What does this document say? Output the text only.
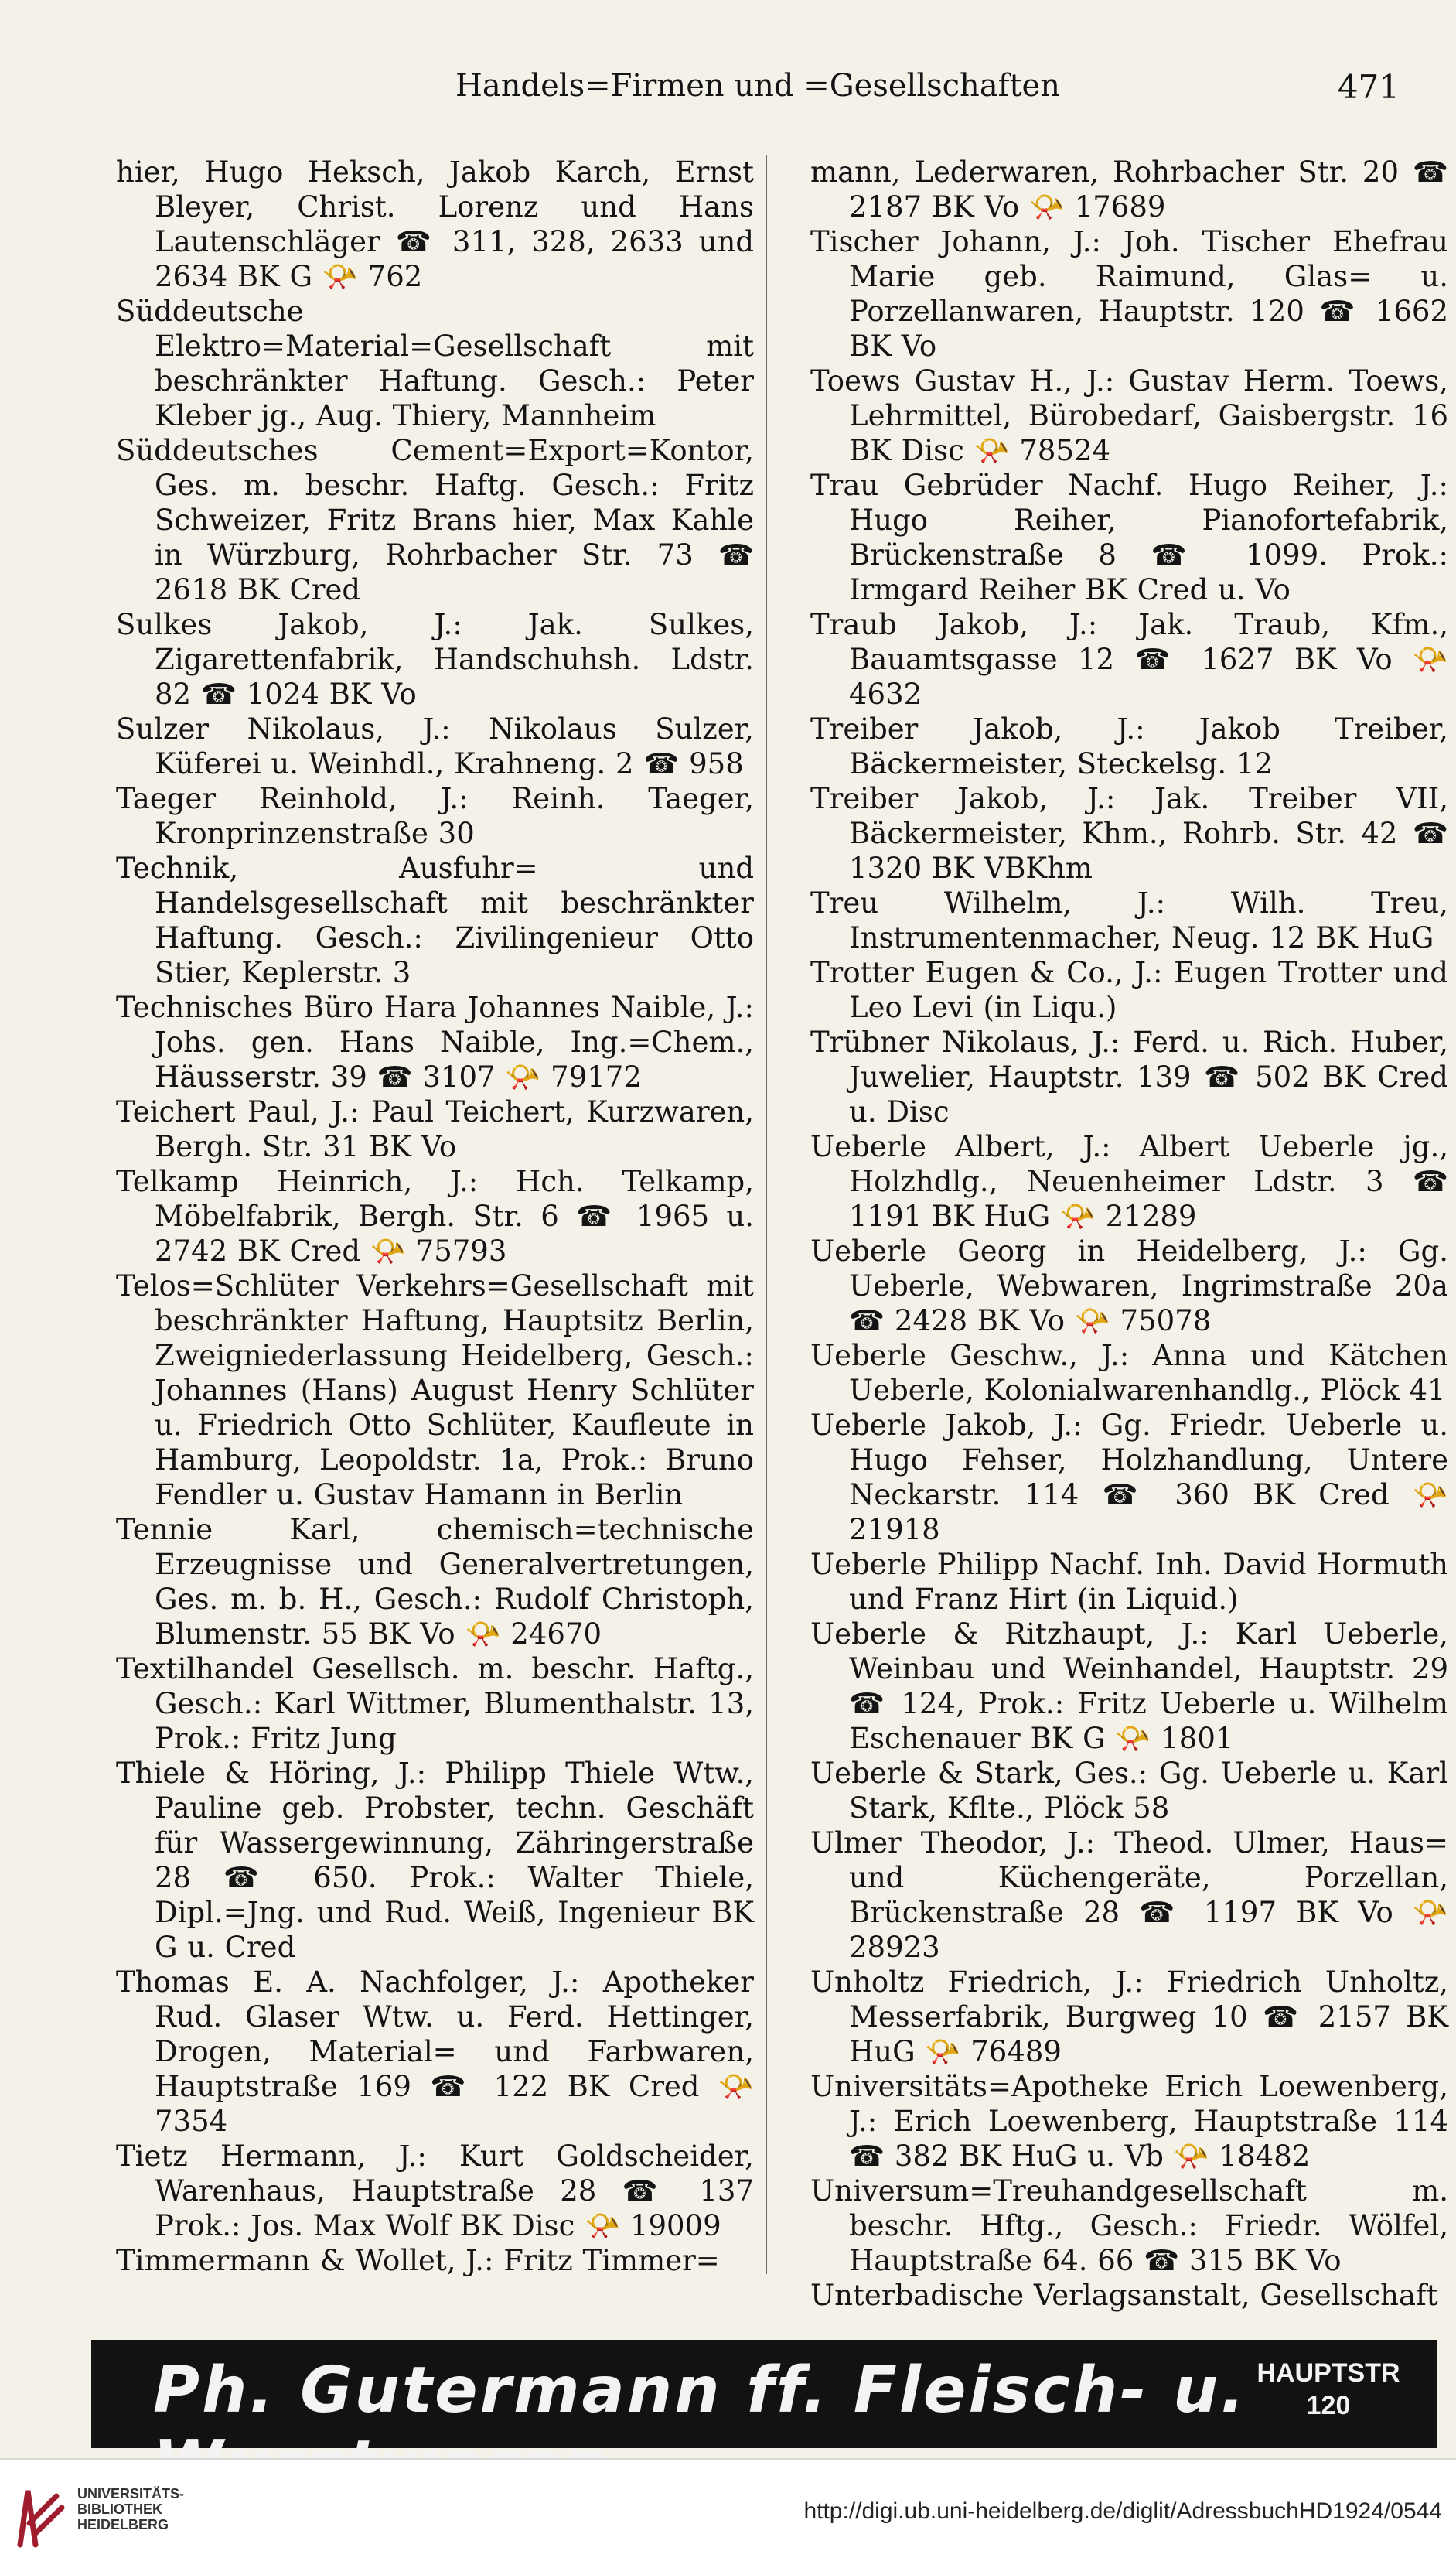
Handels=Firmen und =Gesellschaften	471

hier, Hugo Heksch, Jakob Karch, Ernst Bleyer, Christ. Lorenz und Hans Lautenschläger ☎ 311, 328, 2633 und 2634 BK G 📯 762

Süddeutsche Elektro=Material=Gesellschaft mit beschränkter Haftung. Gesch.: Peter Kleber jg., Aug. Thiery, Mannheim

Süddeutsches Cement=Export=Kontor, Ges. m. beschr. Haftg. Gesch.: Fritz Schweizer, Fritz Brans hier, Max Kahle in Würzburg, Rohrbacher Str. 73 ☎ 2618 BK Cred

Sulkes Jakob, J.: Jak. Sulkes, Zigarettenfabrik, Handschuhsh. Ldstr. 82 ☎ 1024 BK Vo

Sulzer Nikolaus, J.: Nikolaus Sulzer, Küferei u. Weinhdl., Krahneng. 2 ☎ 958

Taeger Reinhold, J.: Reinh. Taeger, Kronprinzenstraße 30

Technik, Ausfuhr= und Handelsgesellschaft mit beschränkter Haftung. Gesch.: Zivilingenieur Otto Stier, Keplerstr. 3

Technisches Büro Hara Johannes Naible, J.: Johs. gen. Hans Naible, Ing.=Chem., Häusserstr. 39 ☎ 3107 📯 79172

Teichert Paul, J.: Paul Teichert, Kurzwaren, Bergh. Str. 31 BK Vo

Telkamp Heinrich, J.: Hch. Telkamp, Möbelfabrik, Bergh. Str. 6 ☎ 1965 u. 2742 BK Cred 📯 75793

Telos=Schlüter Verkehrs=Gesellschaft mit beschränkter Haftung, Hauptsitz Berlin, Zweigniederlassung Heidelberg, Gesch.: Johannes (Hans) August Henry Schlüter u. Friedrich Otto Schlüter, Kaufleute in Hamburg, Leopoldstr. 1a, Prok.: Bruno Fendler u. Gustav Hamann in Berlin

Tennie Karl, chemisch=technische Erzeugnisse und Generalvertretungen, Ges. m. b. H., Gesch.: Rudolf Christoph, Blumenstr. 55 BK Vo 📯 24670

Textilhandel Gesellsch. m. beschr. Haftg., Gesch.: Karl Wittmer, Blumenthalstr. 13, Prok.: Fritz Jung

Thiele & Höring, J.: Philipp Thiele Wtw., Pauline geb. Probster, techn. Geschäft für Wassergewinnung, Zähringerstraße 28 ☎ 650. Prok.: Walter Thiele, Dipl.=Jng. und Rud. Weiß, Ingenieur BK G u. Cred

Thomas E. A. Nachfolger, J.: Apotheker Rud. Glaser Wtw. u. Ferd. Hettinger, Drogen, Material= und Farbwaren, Hauptstraße 169 ☎ 122 BK Cred 📯 7354

Tietz Hermann, J.: Kurt Goldscheider, Warenhaus, Hauptstraße 28 ☎ 137 Prok.: Jos. Max Wolf BK Disc 📯 19009

Timmermann & Wollet, J.: Fritz Timmer=

mann, Lederwaren, Rohrbacher Str. 20 ☎ 2187 BK Vo 📯 17689

Tischer Johann, J.: Joh. Tischer Ehefrau Marie geb. Raimund, Glas= u. Porzellanwaren, Hauptstr. 120 ☎ 1662 BK Vo

Toews Gustav H., J.: Gustav Herm. Toews, Lehrmittel, Bürobedarf, Gaisbergstr. 16 BK Disc 📯 78524

Trau Gebrüder Nachf. Hugo Reiher, J.: Hugo Reiher, Pianofortefabrik, Brückenstraße 8 ☎ 1099. Prok.: Irmgard Reiher BK Cred u. Vo

Traub Jakob, J.: Jak. Traub, Kfm., Bauamtsgasse 12 ☎ 1627 BK Vo 📯 4632

Treiber Jakob, J.: Jakob Treiber, Bäckermeister, Steckelsg. 12

Treiber Jakob, J.: Jak. Treiber VII, Bäckermeister, Khm., Rohrb. Str. 42 ☎ 1320 BK VBKhm

Treu Wilhelm, J.: Wilh. Treu, Instrumentenmacher, Neug. 12 BK HuG

Trotter Eugen & Co., J.: Eugen Trotter und Leo Levi (in Liqu.)

Trübner Nikolaus, J.: Ferd. u. Rich. Huber, Juwelier, Hauptstr. 139 ☎ 502 BK Cred u. Disc

Ueberle Albert, J.: Albert Ueberle jg., Holzhdlg., Neuenheimer Ldstr. 3 ☎ 1191 BK HuG 📯 21289

Ueberle Georg in Heidelberg, J.: Gg. Ueberle, Webwaren, Ingrimstraße 20a ☎ 2428 BK Vo 📯 75078

Ueberle Geschw., J.: Anna und Kätchen Ueberle, Kolonialwarenhandlg., Plöck 41

Ueberle Jakob, J.: Gg. Friedr. Ueberle u. Hugo Fehser, Holzhandlung, Untere Neckarstr. 114 ☎ 360 BK Cred 📯 21918

Ueberle Philipp Nachf. Inh. David Hormuth und Franz Hirt (in Liquid.)

Ueberle & Ritzhaupt, J.: Karl Ueberle, Weinbau und Weinhandel, Hauptstr. 29 ☎ 124, Prok.: Fritz Ueberle u. Wilhelm Eschenauer BK G 📯 1801

Ueberle & Stark, Ges.: Gg. Ueberle u. Karl Stark, Kflte., Plöck 58

Ulmer Theodor, J.: Theod. Ulmer, Haus= und Küchengeräte, Porzellan, Brückenstraße 28 ☎ 1197 BK Vo 📯 28923

Unholtz Friedrich, J.: Friedrich Unholtz, Messerfabrik, Burgweg 10 ☎ 2157 BK HuG 📯 76489

Universitäts=Apotheke Erich Loewenberg, J.: Erich Loewenberg, Hauptstraße 114 ☎ 382 BK HuG u. Vb 📯 18482

Universum=Treuhandgesellschaft m. beschr. Hftg., Gesch.: Friedr. Wölfel, Hauptstraße 64. 66 ☎ 315 BK Vo

Unterbadische Verlagsanstalt, Gesellschaft

Ph. Gutermann ff. Fleisch- u. HAUPTSTR
120
UNIVERSITÄTS-
BIBLIOTHEK
HEIDELBERG
http://digi.ub.uni-heidelberg.de/diglit/AdressbuchHD1924/0544
